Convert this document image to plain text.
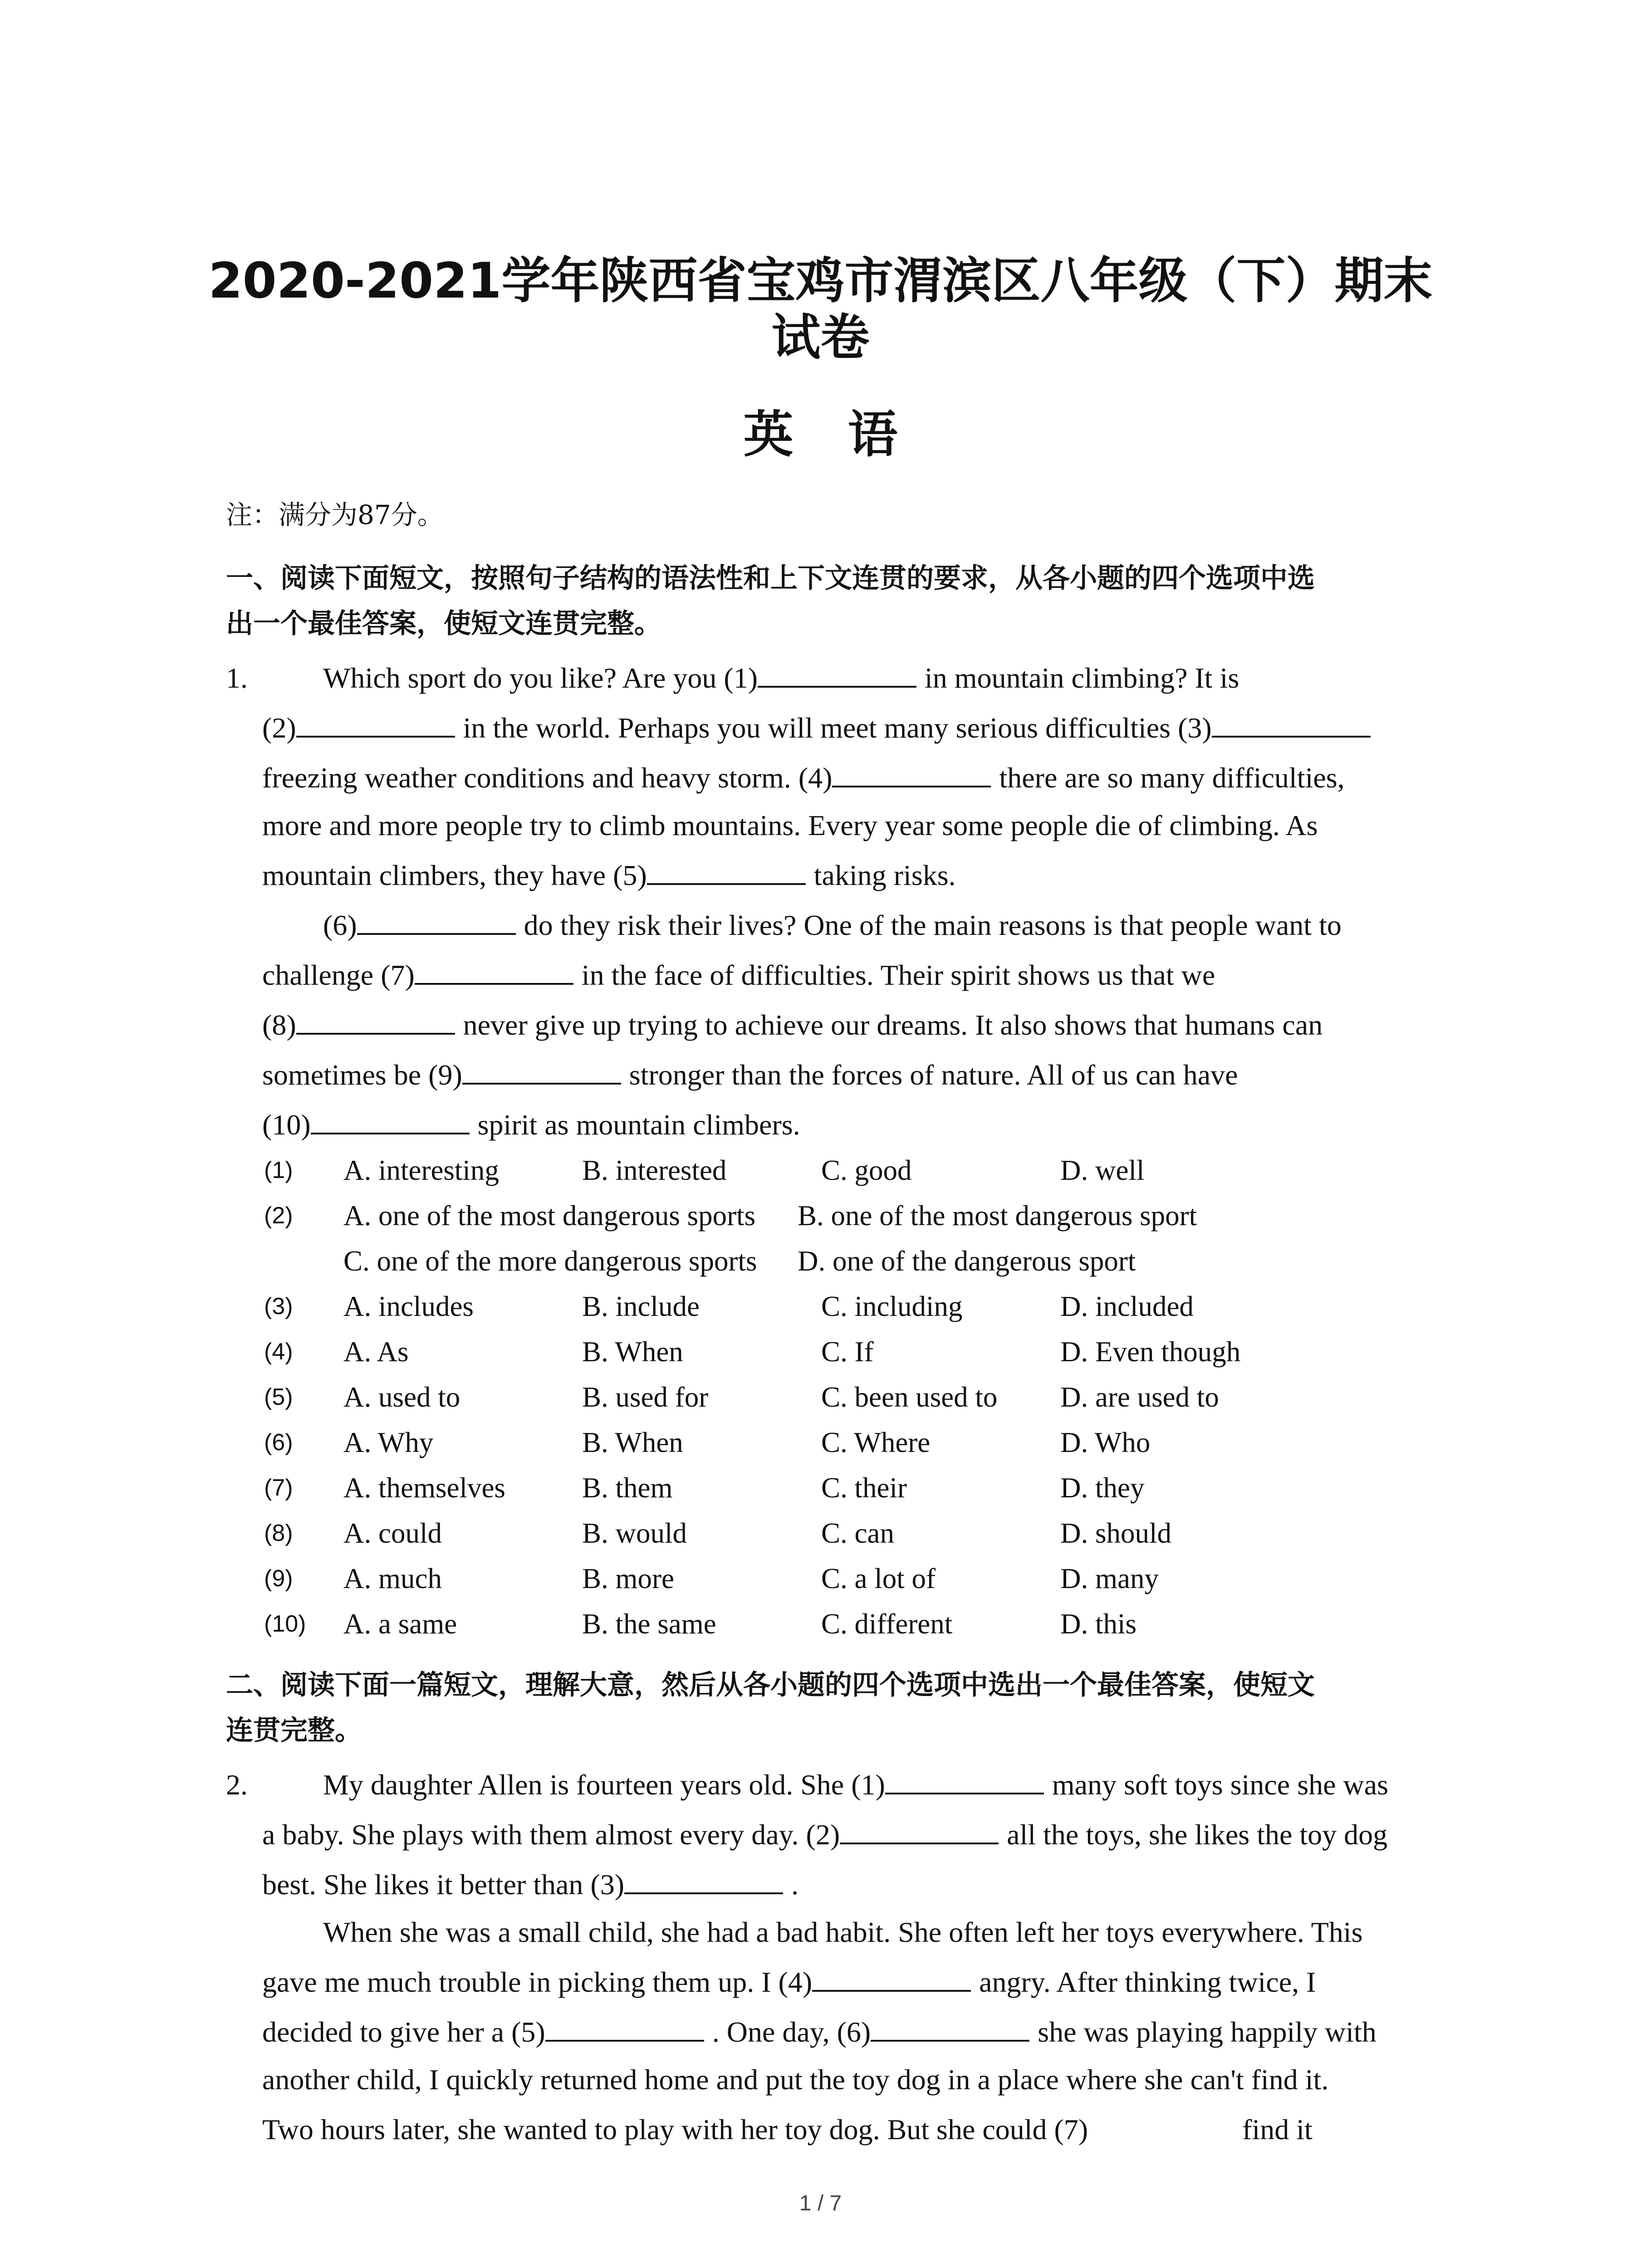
2020-2021学年陕西省宝鸡市渭滨区八年级（下）期末
试卷
英语
注：满分为87分。
一、阅读下面短文，按照句子结构的语法性和上下文连贯的要求，从各小题的四个选项中选
出一个最佳答案，使短文连贯完整。
1.	Which sport do you like? Are you (1)	in mountain climbing? It is
(2)	in the world. Perhaps you will meet many serious difficulties (3)
freezing weather conditions and heavy storm. (4)	there are so many difficulties,
more and more people try to climb mountains. Every year some people die of climbing. As
mountain climbers, they have (5)	taking risks.
(6)	do they risk their lives? One of the main reasons is that people want to
challenge (7)	in the face of difficulties. Their spirit shows us that we
(8)	never give up trying to achieve our dreams. It also shows that humans can
sometimes be (9)	stronger than the forces of nature. All of us can have
(10)	spirit as mountain climbers.
(1) A. interesting	B. interested	C. good	D. well
(2) A. one of the most dangerous sports B. one of the most dangerous sport
C. one of the more dangerous sports D. one of the dangerous sport
(3) A. includes	B. include	C. including	D. included
(4) A. As	B. When	C. If	D. Even though
(5) A. used to	B. used for	C. been used to D. are used to
(6) A. Why	B. When	C. Where	D. Who
(7) A. themselves	B. them	C. their	D. they
(8) A. could	B. would	C. can	D. should
(9) A. much	B. more	C. a lot of	D. many
(10) A. a same	B. the same	C. different	D. this
二、阅读下面一篇短文，理解大意，然后从各小题的四个选项中选出一个最佳答案，使短文
连贯完整。
2.	My daughter Allen is fourteen years old. She (1)	many soft toys since she was
a baby. She plays with them almost every day. (2)	all the toys, she likes the toy dog
best. She likes it better than (3)	.
When she was a small child, she had a bad habit. She often left her toys everywhere. This
gave me much trouble in picking them up. I (4)	angry. After thinking twice, I
decided to give her a (5)	. One day, (6)	she was playing happily with
another child, I quickly returned home and put the toy dog in a place where she can't find it.
Two hours later, she wanted to play with her toy dog. But she could (7)	find it
1 / 7
